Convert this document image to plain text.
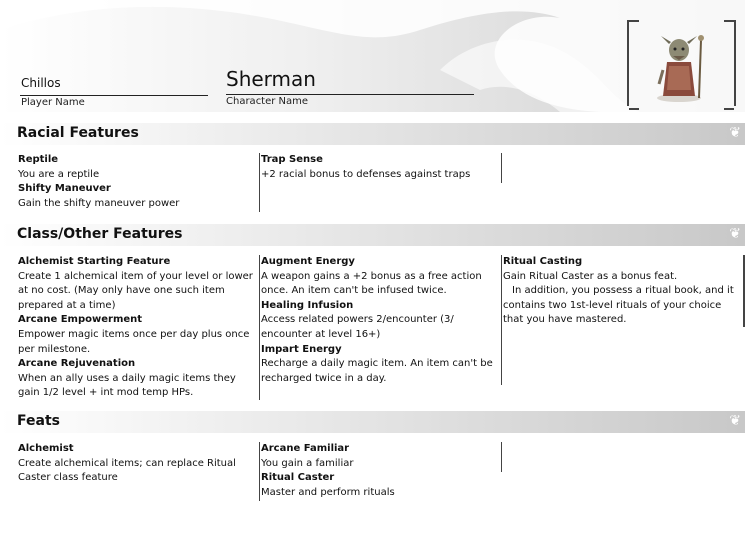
Chillos
Player Name
Sherman
Character Name
Racial Features	❦
Reptile
You are a reptile
Shifty Maneuver
Gain the shifty maneuver power
Trap Sense
+2 racial bonus to defenses against traps
Class/Other Features	❦
Alchemist Starting Feature
Create 1 alchemical item of your level or lower at no cost. (May only have one such item prepared at a time)
Arcane Empowerment
Empower magic items once per day plus once per milestone.
Arcane Rejuvenation
When an ally uses a daily magic items they gain 1/2 level + int mod temp HPs.
Augment Energy
A weapon gains a +2 bonus as a free action once. An item can't be infused twice.
Healing Infusion
Access related powers 2/encounter (3/ encounter at level 16+)
Impart Energy
Recharge a daily magic item. An item can't be recharged twice in a day.
Ritual Casting
Gain Ritual Caster as a bonus feat.
In addition, you possess a ritual book, and it contains two 1st-level rituals of your choice that you have mastered.
Feats	❦
Alchemist
Create alchemical items; can replace Ritual Caster class feature
Arcane Familiar
You gain a familiar
Ritual Caster
Master and perform rituals
